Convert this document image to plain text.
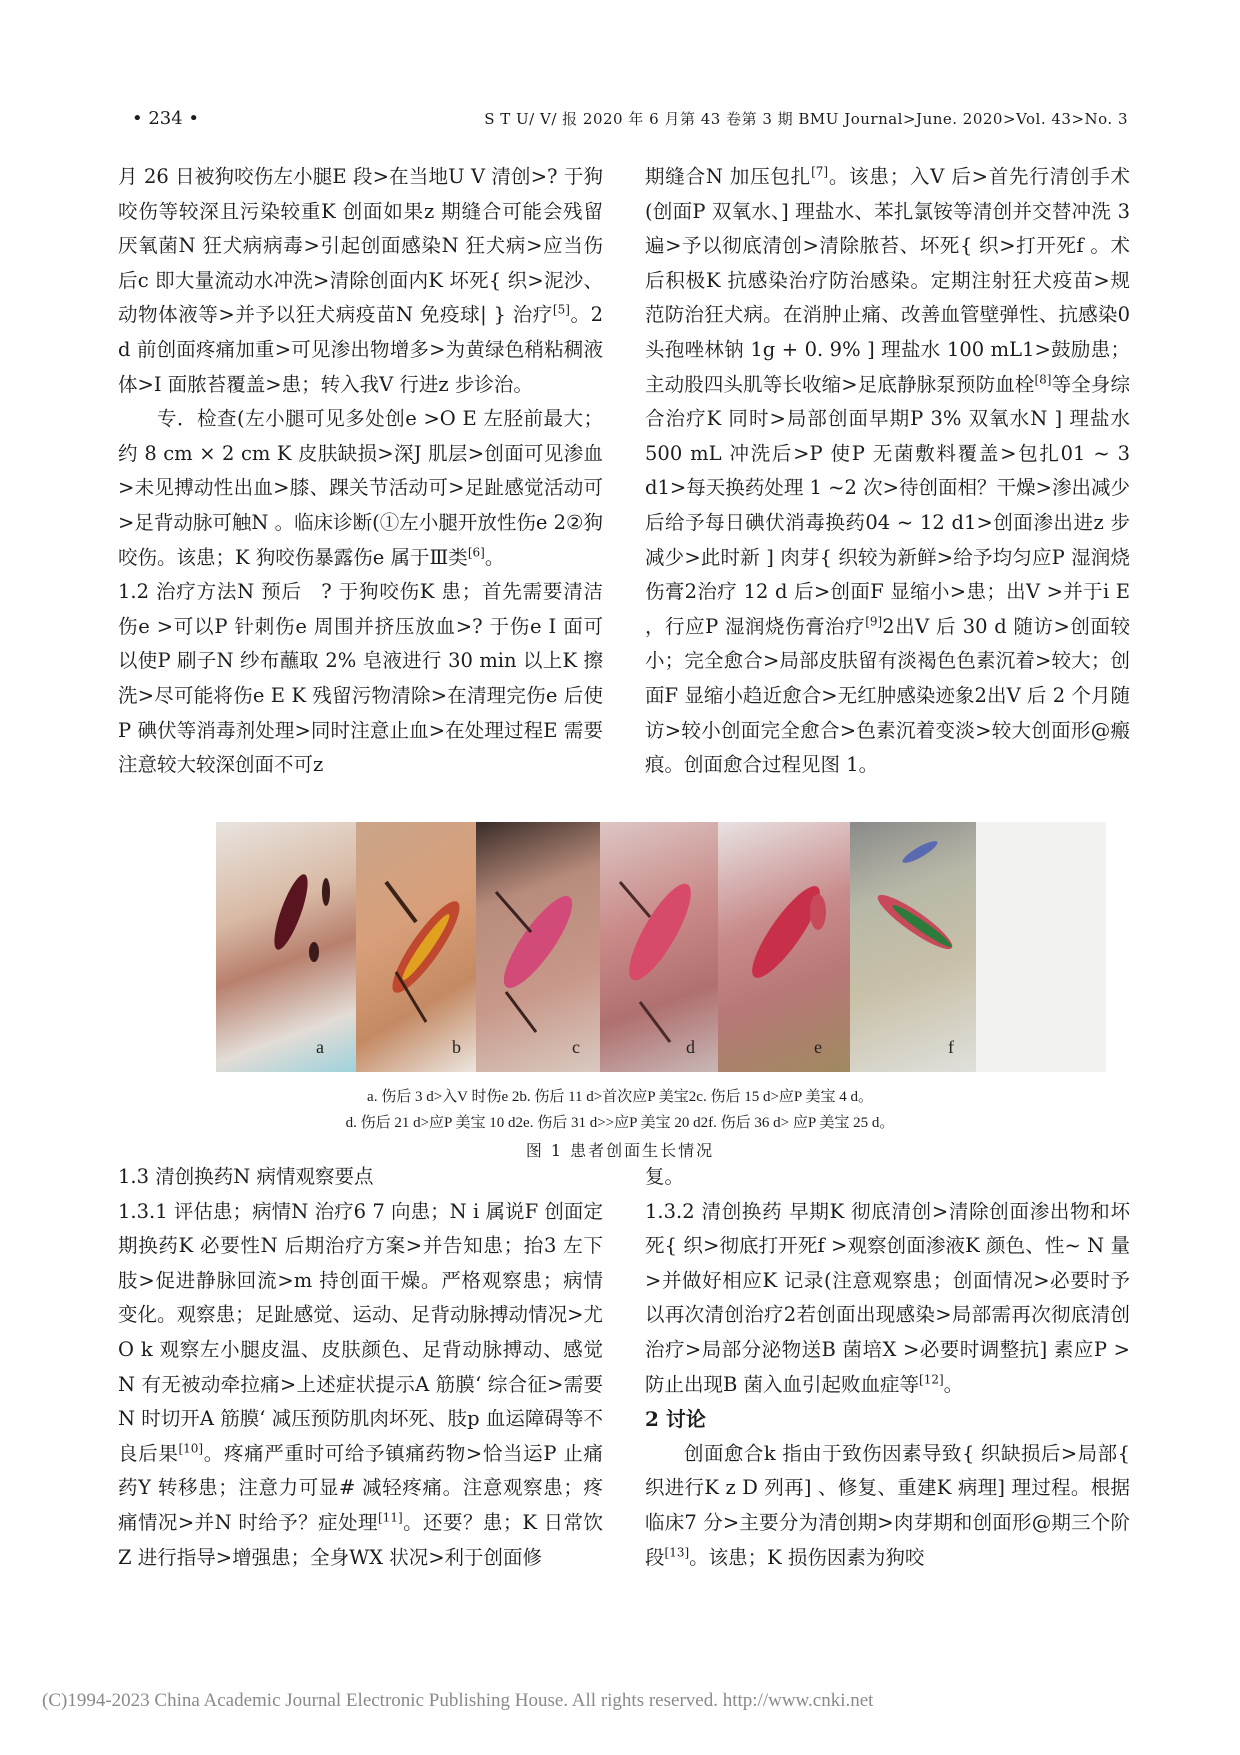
• 234 •	S T U/ V/ 报 2020 年 6 月第 43 卷第 3 期 BMU Journal>June. 2020>Vol. 43>No. 3

月 26 日被狗咬伤左小腿E 段>在当地U V 清创>? 于狗咬伤等较深且污染较重K 创面如果z 期缝合可能会残留厌氧菌N 狂犬病病毒>引起创面感染N 狂犬病>应当伤后c 即大量流动水冲洗>清除创面内K 坏死{ 织>泥沙、动物体液等>并予以狂犬病疫苗N 免疫球| } 治疗[5]。2 d 前创面疼痛加重>可见渗出物增多>为黄绿色稍粘稠液体>I 面脓苔覆盖>患；转入我V 行进z 步诊治。

专．检查(左小腿可见多处创e >O E 左胫前最大；约 8 cm × 2 cm K 皮肤缺损>深J 肌层>创面可见渗血>未见搏动性出血>膝、踝关节活动可>足趾感觉活动可>足背动脉可触N 。临床诊断(①左小腿开放性伤e 2②狗咬伤。该患；K 狗咬伤暴露伤e 属于Ⅲ类[6]。

1.2 治疗方法N 预后  ? 于狗咬伤K 患；首先需要清洁伤e >可以P 针刺伤e 周围并挤压放血>? 于伤e I 面可以使P 刷子N 纱布蘸取 2% 皂液进行 30 min 以上K 擦洗>尽可能将伤e E K 残留污物清除>在清理完伤e 后使P 碘伏等消毒剂处理>同时注意止血>在处理过程E 需要注意较大较深创面不可z

期缝合N 加压包扎[7]。该患；入V 后>首先行清创手术(创面P 双氧水、] 理盐水、苯扎氯铵等清创并交替冲洗 3 遍>予以彻底清创>清除脓苔、坏死{ 织>打开死f 。术后积极K 抗感染治疗防治感染。定期注射狂犬疫苗>规范防治狂犬病。在消肿止痛、改善血管壁弹性、抗感染0头孢唑林钠 1g + 0. 9% ] 理盐水 100 mL1>鼓励患；主动股四头肌等长收缩>足底静脉泵预防血栓[8]等全身综合治疗K 同时>局部创面早期P 3% 双氧水N ] 理盐水 500 mL 冲洗后>P 使P 无菌敷料覆盖>包扎01 ~ 3 d1>每天换药处理 1 ~2 次>待创面相？干燥>渗出减少后给予每日碘伏消毒换药04 ~ 12 d1>创面渗出进z 步减少>此时新 ] 肉芽{ 织较为新鲜>给予均匀应P 湿润烧伤膏2治疗 12 d 后>创面F 显缩小>患；出V >并于i E ，行应P 湿润烧伤膏治疗[9]2出V 后 30 d 随访>创面较小；完全愈合>局部皮肤留有淡褐色色素沉着>较大；创面F 显缩小趋近愈合>无红肿感染迹象2出V 后 2 个月随访>较小创面完全愈合>色素沉着变淡>较大创面形@瘢痕。创面愈合过程见图 1。

a	b	c	d	e	f
a. 伤后 3 d>入V 时伤e 2b. 伤后 11 d>首次应P 美宝2c. 伤后 15 d>应P 美宝 4 d。
d. 伤后 21 d>应P 美宝 10 d2e. 伤后 31 d>>应P 美宝 20 d2f. 伤后 36 d> 应P 美宝 25 d。
图 1 患者创面生长情况
1.3 清创换药N 病情观察要点

1.3.1 评估患；病情N 治疗6 7 向患；N i 属说F 创面定期换药K 必要性N 后期治疗方案>并告知患；抬3 左下肢>促进静脉回流>m 持创面干燥。严格观察患；病情变化。观察患；足趾感觉、运动、足背动脉搏动情况>尤O k 观察左小腿皮温、皮肤颜色、足背动脉搏动、感觉N 有无被动牵拉痛>上述症状提示A 筋膜‘ 综合征>需要N 时切开A 筋膜‘ 减压预防肌肉坏死、肢p 血运障碍等不良后果[10]。疼痛严重时可给予镇痛药物>恰当运P 止痛药Y 转移患；注意力可显# 减轻疼痛。注意观察患；疼痛情况>并N 时给予？症处理[11]。还要？患；K 日常饮Z 进行指导>增强患；全身WX 状况>利于创面修

复。

1.3.2 清创换药 早期K 彻底清创>清除创面渗出物和坏死{ 织>彻底打开死f >观察创面渗液K 颜色、性~ N 量>并做好相应K 记录(注意观察患；创面情况>必要时予以再次清创治疗2若创面出现感染>局部需再次彻底清创治疗>局部分泌物送B 菌培X >必要时调整抗] 素应P >防止出现B 菌入血引起败血症等[12]。

2 讨论

创面愈合k 指由于致伤因素导致{ 织缺损后>局部{ 织进行K z D 列再] 、修复、重建K 病理] 理过程。根据临床7 分>主要分为清创期>肉芽期和创面形@期三个阶段[13]。该患；K 损伤因素为狗咬

(C)1994-2023 China Academic Journal Electronic Publishing House. All rights reserved. http://www.cnki.net
